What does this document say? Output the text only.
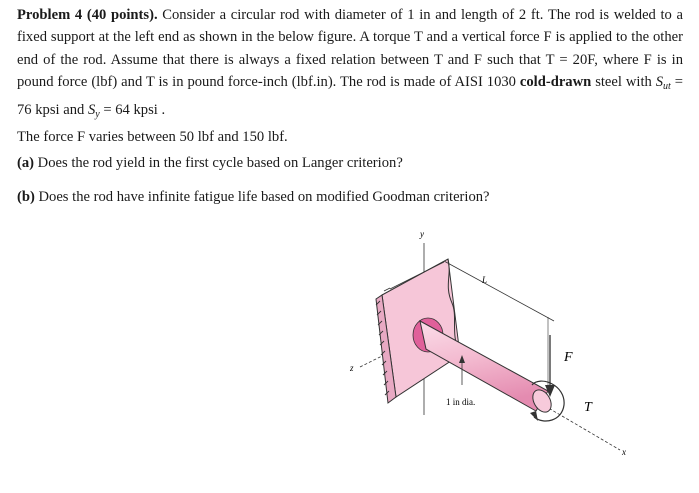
Problem 4 (40 points). Consider a circular rod with diameter of 1 in and length of 2 ft. The rod is welded to a fixed support at the left end as shown in the below figure. A torque T and a vertical force F is applied to the other end of the rod. Assume that there is always a fixed relation between T and F such that T = 20F, where F is in pound force (lbf) and T is in pound force-inch (lbf.in). The rod is made of AISI 1030 cold-drawn steel with $S_{ut} = 76$ kpsi and $S_y = 64$ kpsi .
The force F varies between 50 lbf and 150 lbf.
(a) Does the rod yield in the first cycle based on Langer criterion?
(b) Does the rod have infinite fatigue life based on modified Goodman criterion?
y
z
x
L
F
T
1 in dia.
